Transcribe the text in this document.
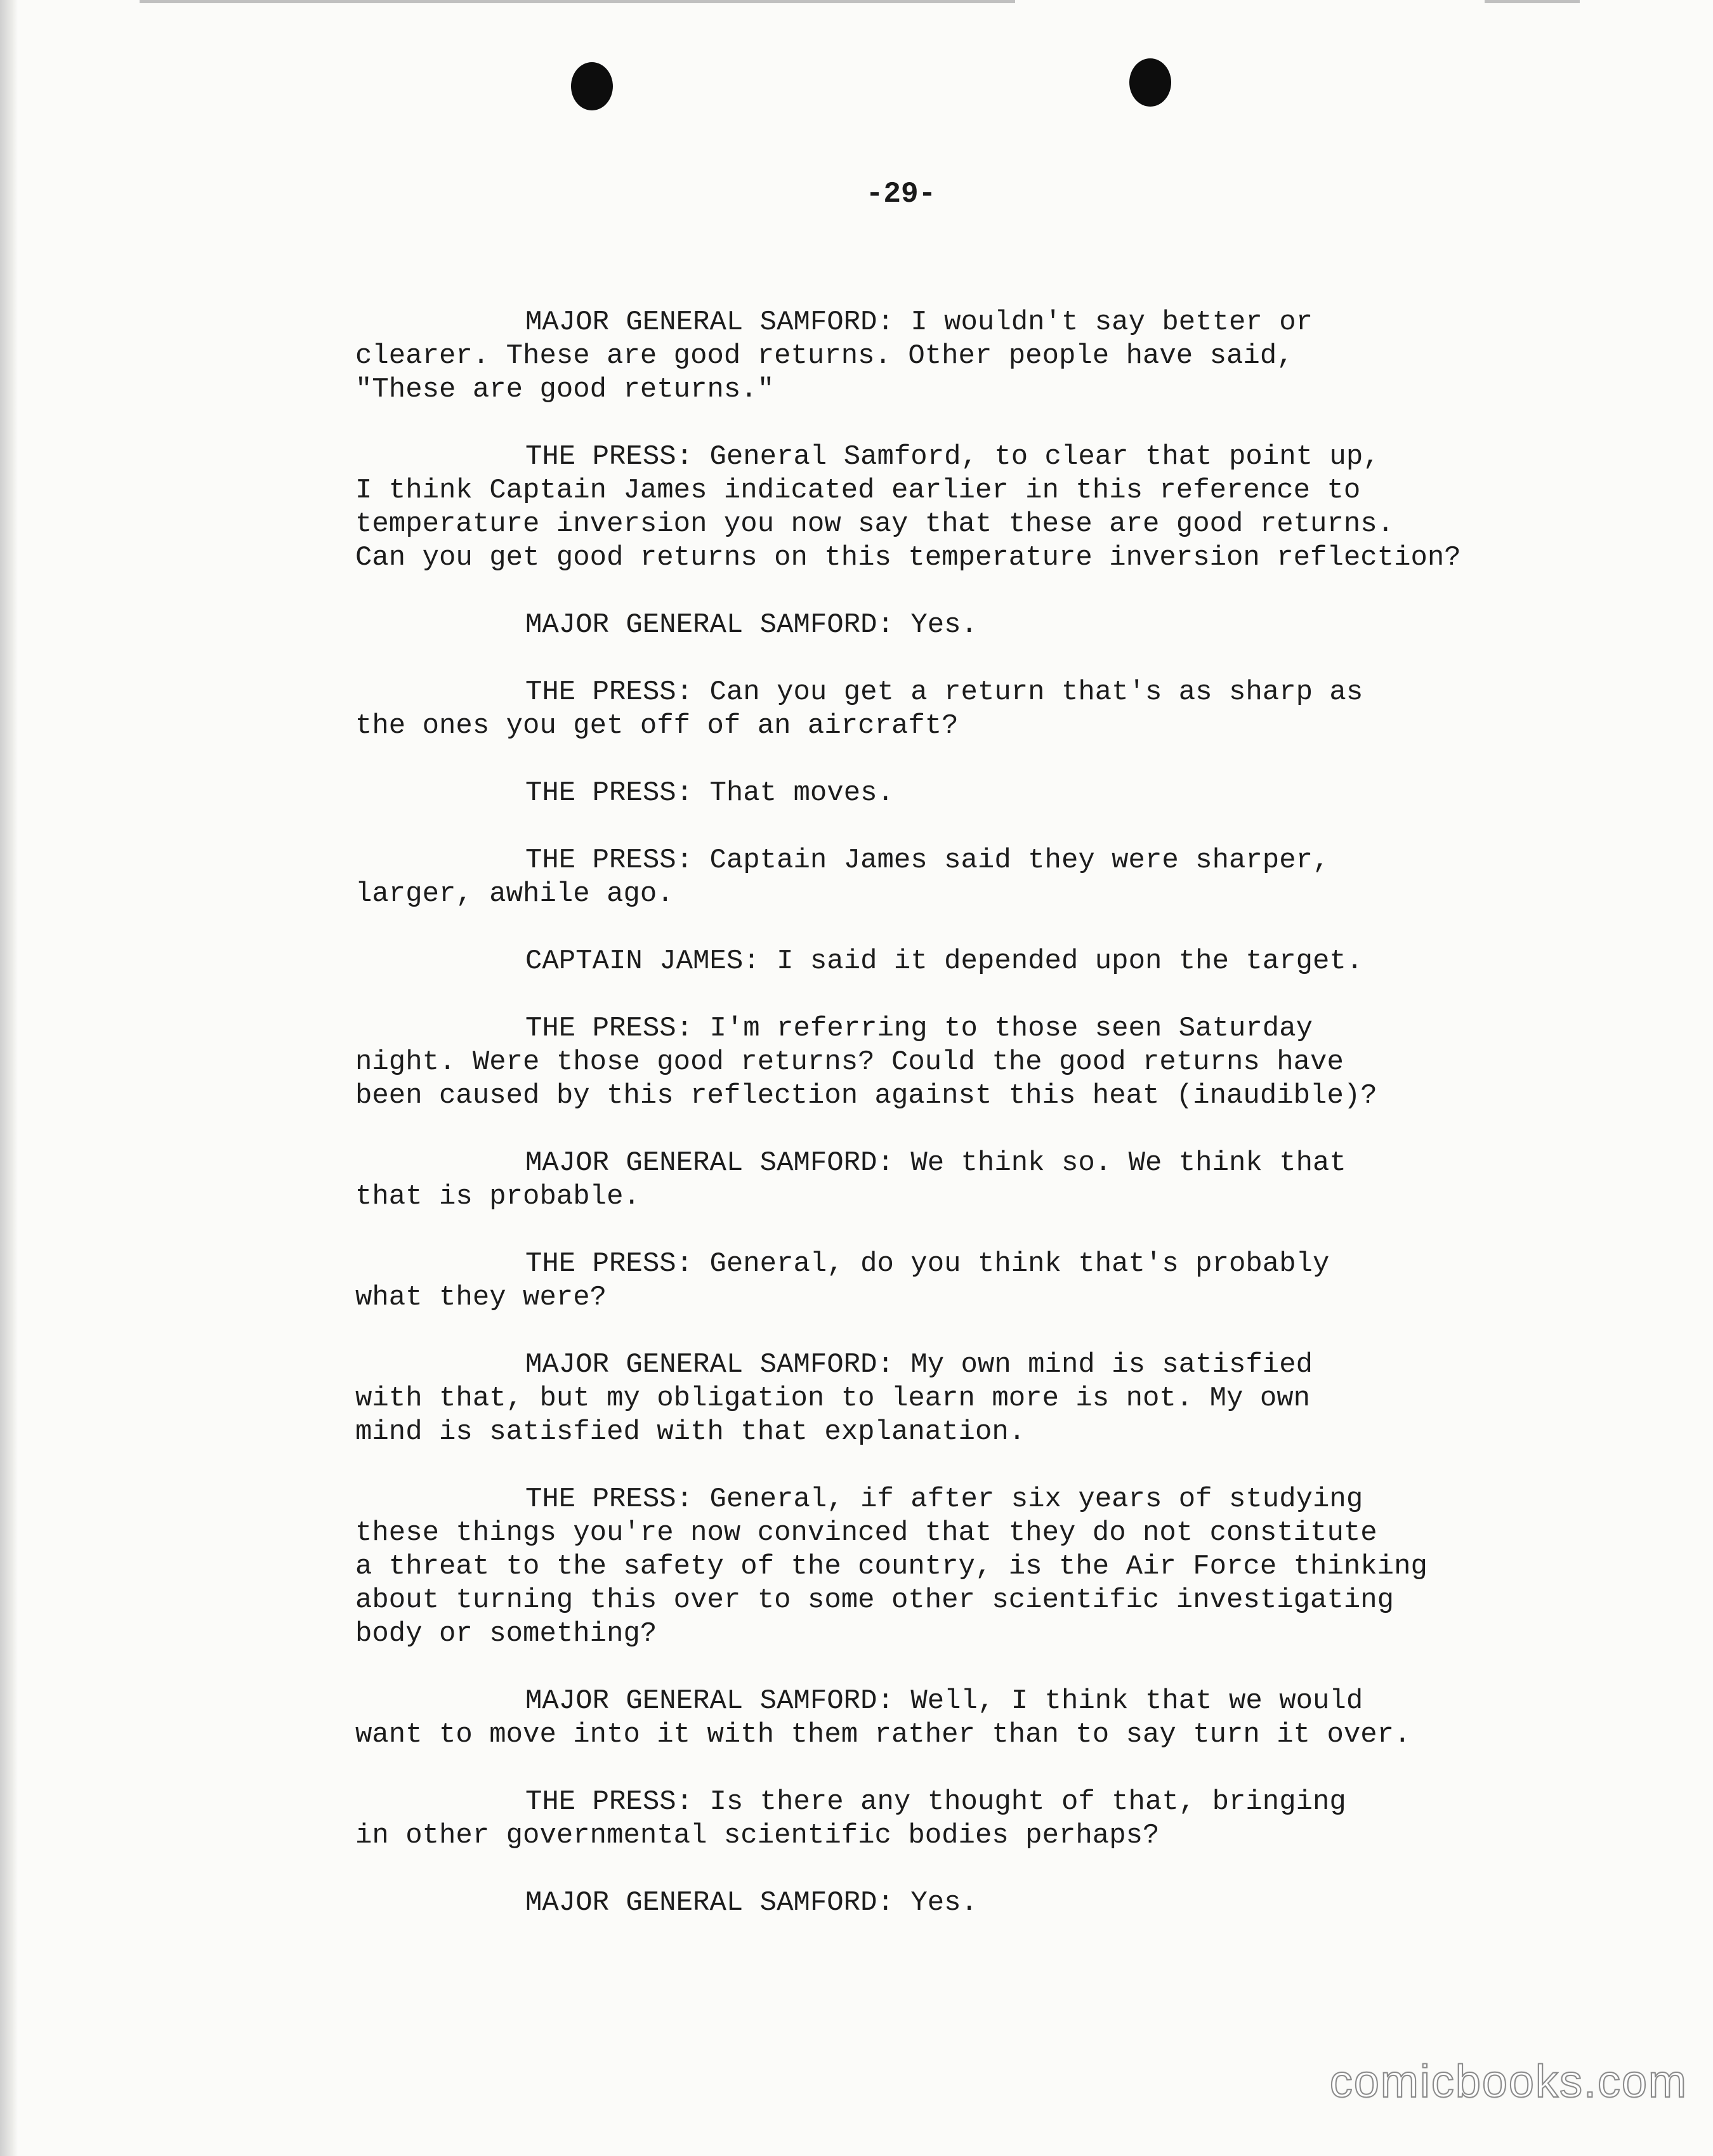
-29-
MAJOR GENERAL SAMFORD: I wouldn't say better or
clearer. These are good returns. Other people have said,
"These are good returns."
THE PRESS: General Samford, to clear that point up,
I think Captain James indicated earlier in this reference to
temperature inversion you now say that these are good returns.
Can you get good returns on this temperature inversion reflection?
MAJOR GENERAL SAMFORD: Yes.
THE PRESS: Can you get a return that's as sharp as
the ones you get off of an aircraft?
THE PRESS: That moves.
THE PRESS: Captain James said they were sharper,
larger, awhile ago.
CAPTAIN JAMES: I said it depended upon the target.
THE PRESS: I'm referring to those seen Saturday
night. Were those good returns? Could the good returns have
been caused by this reflection against this heat (inaudible)?
MAJOR GENERAL SAMFORD: We think so. We think that
that is probable.
THE PRESS: General, do you think that's probably
what they were?
MAJOR GENERAL SAMFORD: My own mind is satisfied
with that, but my obligation to learn more is not. My own
mind is satisfied with that explanation.
THE PRESS: General, if after six years of studying
these things you're now convinced that they do not constitute
a threat to the safety of the country, is the Air Force thinking
about turning this over to some other scientific investigating
body or something?
MAJOR GENERAL SAMFORD: Well, I think that we would
want to move into it with them rather than to say turn it over.
THE PRESS: Is there any thought of that, bringing
in other governmental scientific bodies perhaps?
MAJOR GENERAL SAMFORD: Yes.
comicbooks.com
